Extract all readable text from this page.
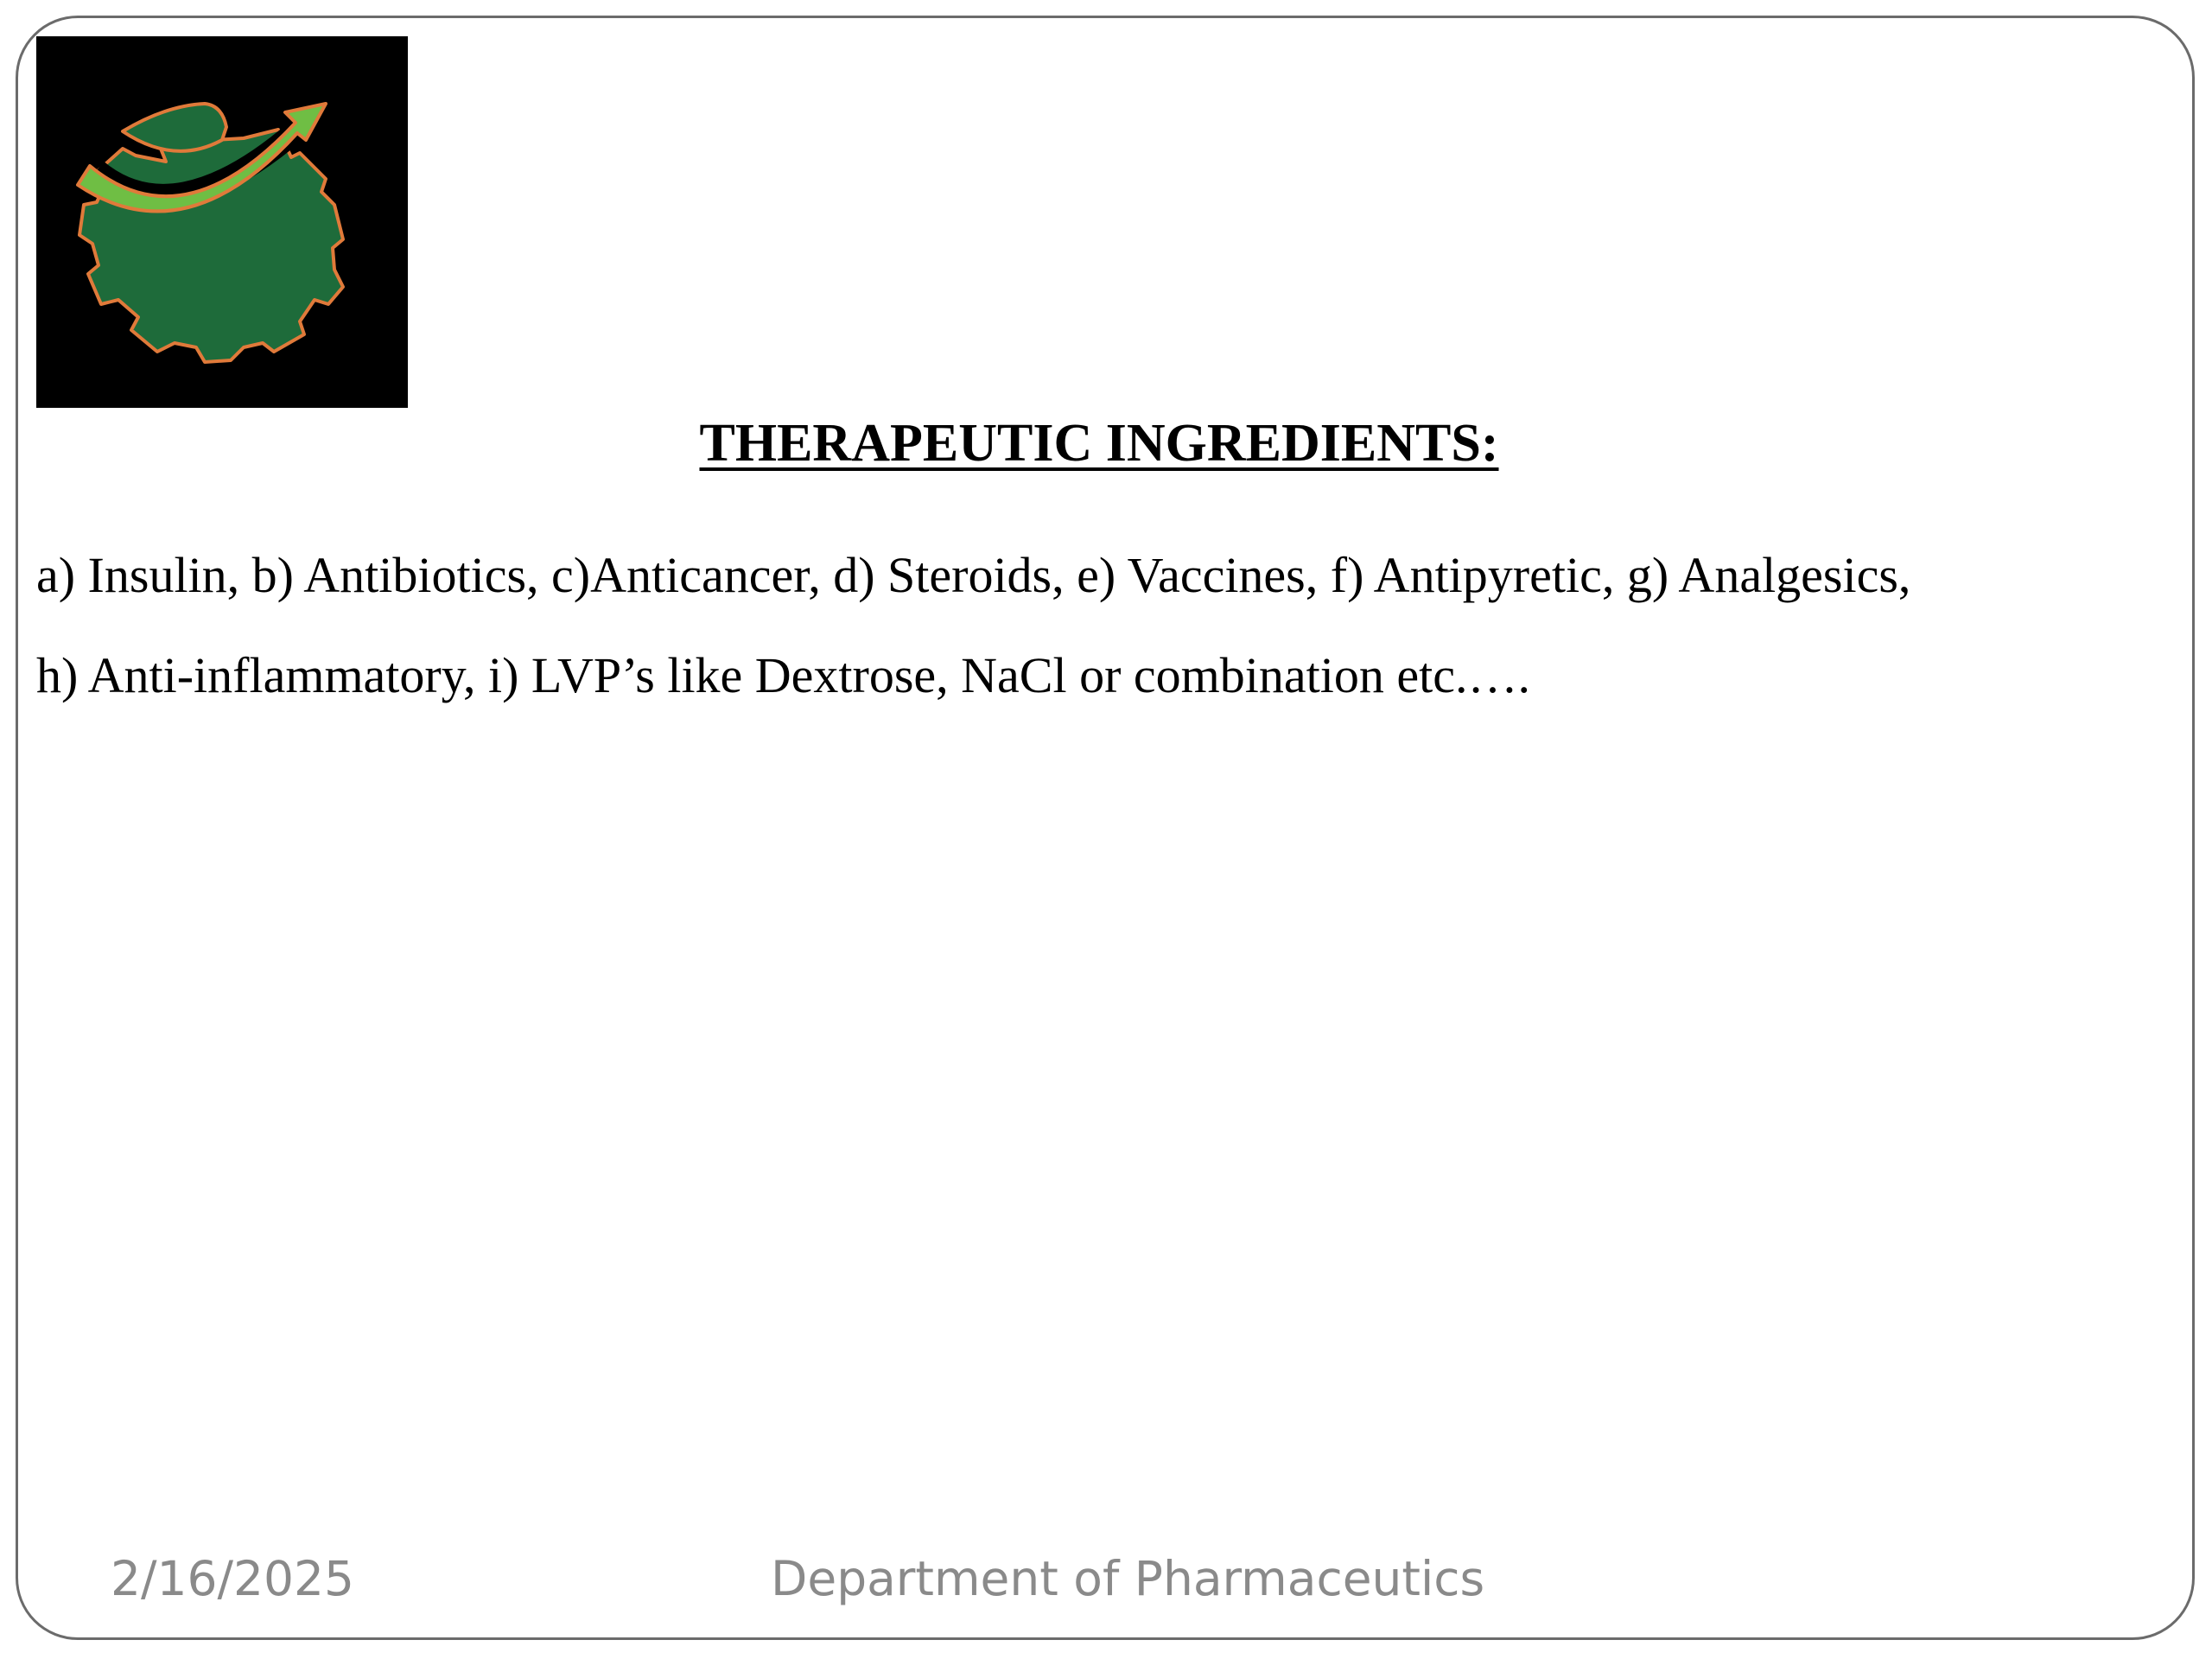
THERAPEUTIC INGREDIENTS:

a) Insulin, b) Antibiotics, c)Anticancer, d) Steroids, e) Vaccines, f) Antipyretic, g) Analgesics,

h) Anti-inflammatory, i) LVP’s like Dextrose, NaCl or combination etc.….

2/16/2025	Department of Pharmaceutics
